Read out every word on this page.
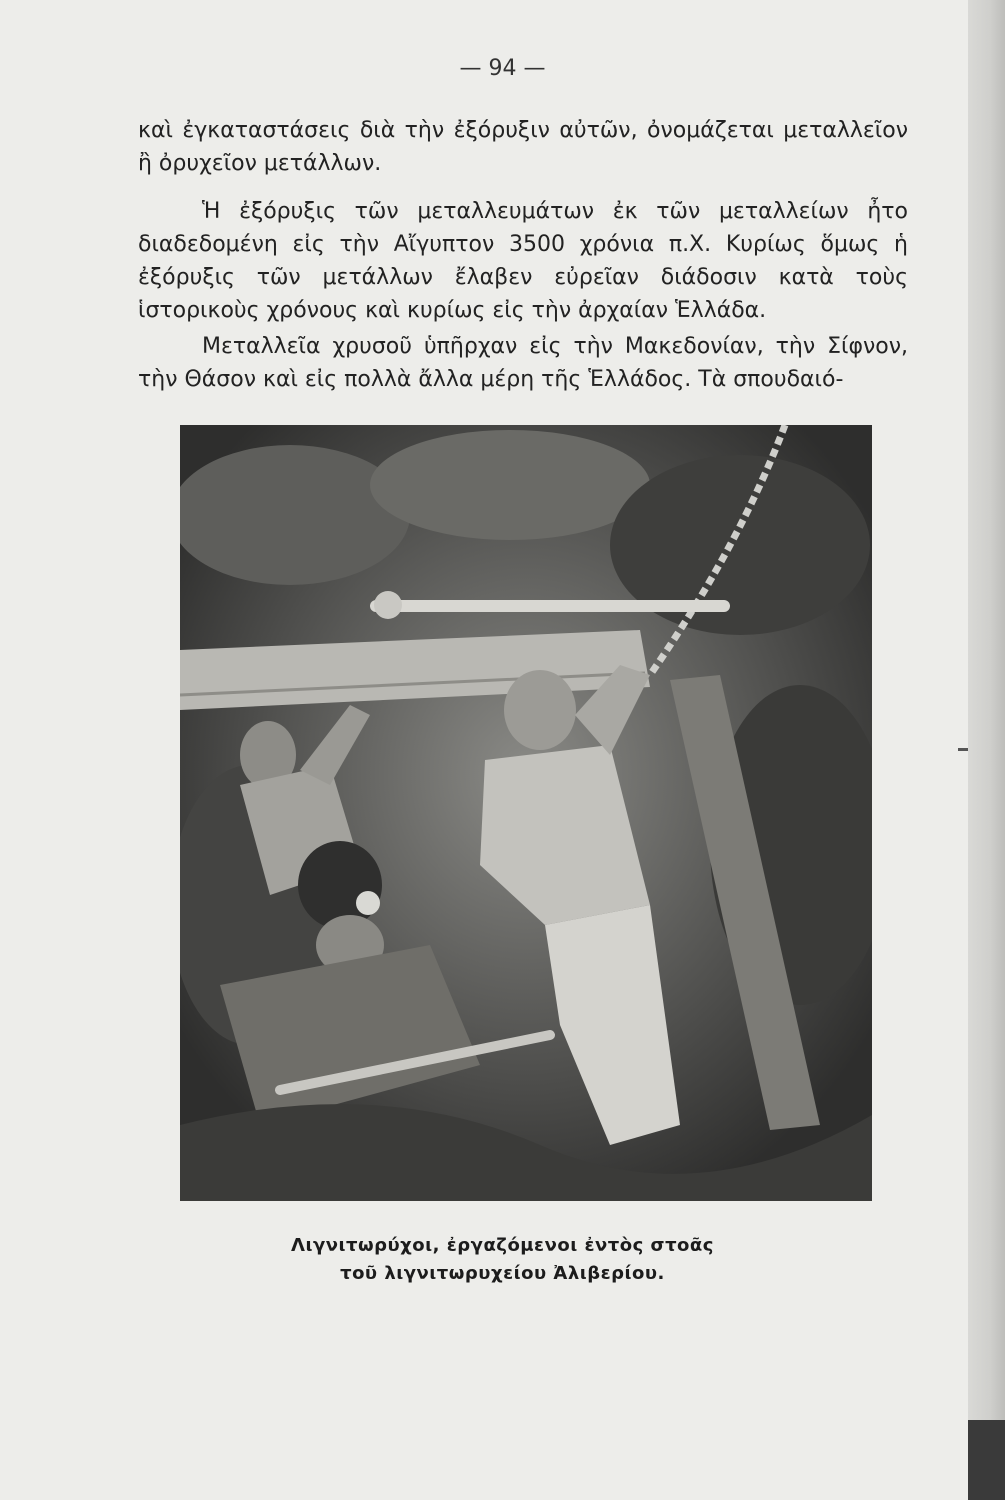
— 94 —

καὶ ἐγκαταστάσεις διὰ τὴν ἐξόρυξιν αὐτῶν, ὀνομάζεται μεταλλεῖον ἢ ὀρυχεῖον μετάλλων.

Ἡ ἐξόρυξις τῶν μεταλλευμάτων ἐκ τῶν μεταλλείων ἦτο διαδεδομένη εἰς τὴν Αἴγυπτον 3500 χρόνια π.Χ. Κυρίως ὅμως ἡ ἐξόρυξις τῶν μετάλλων ἔλαβεν εὐρεῖαν διάδοσιν κατὰ τοὺς ἱστορικοὺς χρόνους καὶ κυρίως εἰς τὴν ἀρχαίαν Ἑλλάδα.

Μεταλλεῖα χρυσοῦ ὑπῆρχαν εἰς τὴν Μακεδονίαν, τὴν Σίφνον, τὴν Θάσον καὶ εἰς πολλὰ ἄλλα μέρη τῆς Ἑλλάδος. Τὰ σπουδαιό-

Λιγνιτωρύχοι, ἐργαζόμενοι ἐντὸς στοᾶς
τοῦ λιγνιτωρυχείου Ἀλιβερίου.
